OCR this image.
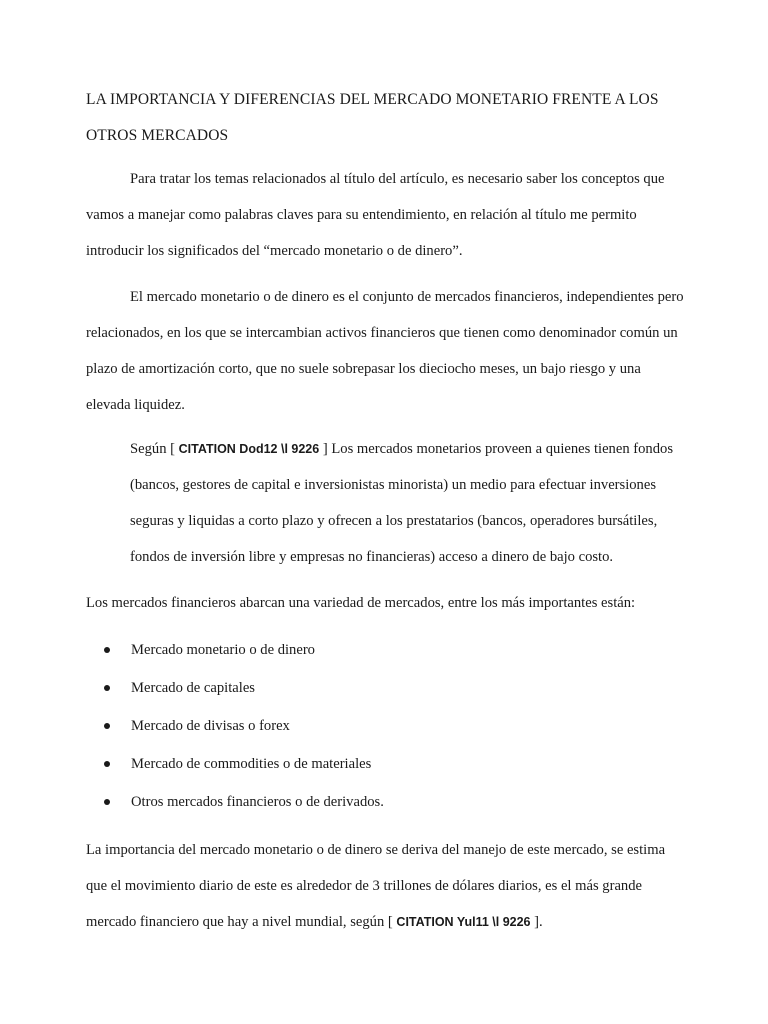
LA IMPORTANCIA Y DIFERENCIAS DEL MERCADO MONETARIO FRENTE A LOS OTROS MERCADOS

Para tratar los temas relacionados al título del artículo, es necesario saber los conceptos que vamos a manejar como palabras claves para su entendimiento, en relación al título me permito introducir los significados del “mercado monetario o de dinero”.

El mercado monetario o de dinero es el conjunto de mercados financieros, independientes pero relacionados, en los que se intercambian activos financieros que tienen como denominador común un plazo de amortización corto, que no suele sobrepasar los dieciocho meses, un bajo riesgo y una elevada liquidez.

Según [ CITATION Dod12 \l 9226 ] Los mercados monetarios proveen a quienes tienen fondos (bancos, gestores de capital e inversionistas minorista) un medio para efectuar inversiones seguras y liquidas a corto plazo y ofrecen a los prestatarios (bancos, operadores bursátiles, fondos de inversión libre y empresas no financieras) acceso a dinero de bajo costo.

Los mercados financieros abarcan una variedad de mercados, entre los más importantes están:

Mercado monetario o de dinero
Mercado de capitales
Mercado de divisas o forex
Mercado de commodities o de materiales
Otros mercados financieros o de derivados.

La importancia del mercado monetario o de dinero se deriva del manejo de este mercado, se estima que el movimiento diario de este es alrededor de 3 trillones de dólares diarios, es el más grande mercado financiero que hay a nivel mundial, según [ CITATION Yul11 \l 9226 ].
